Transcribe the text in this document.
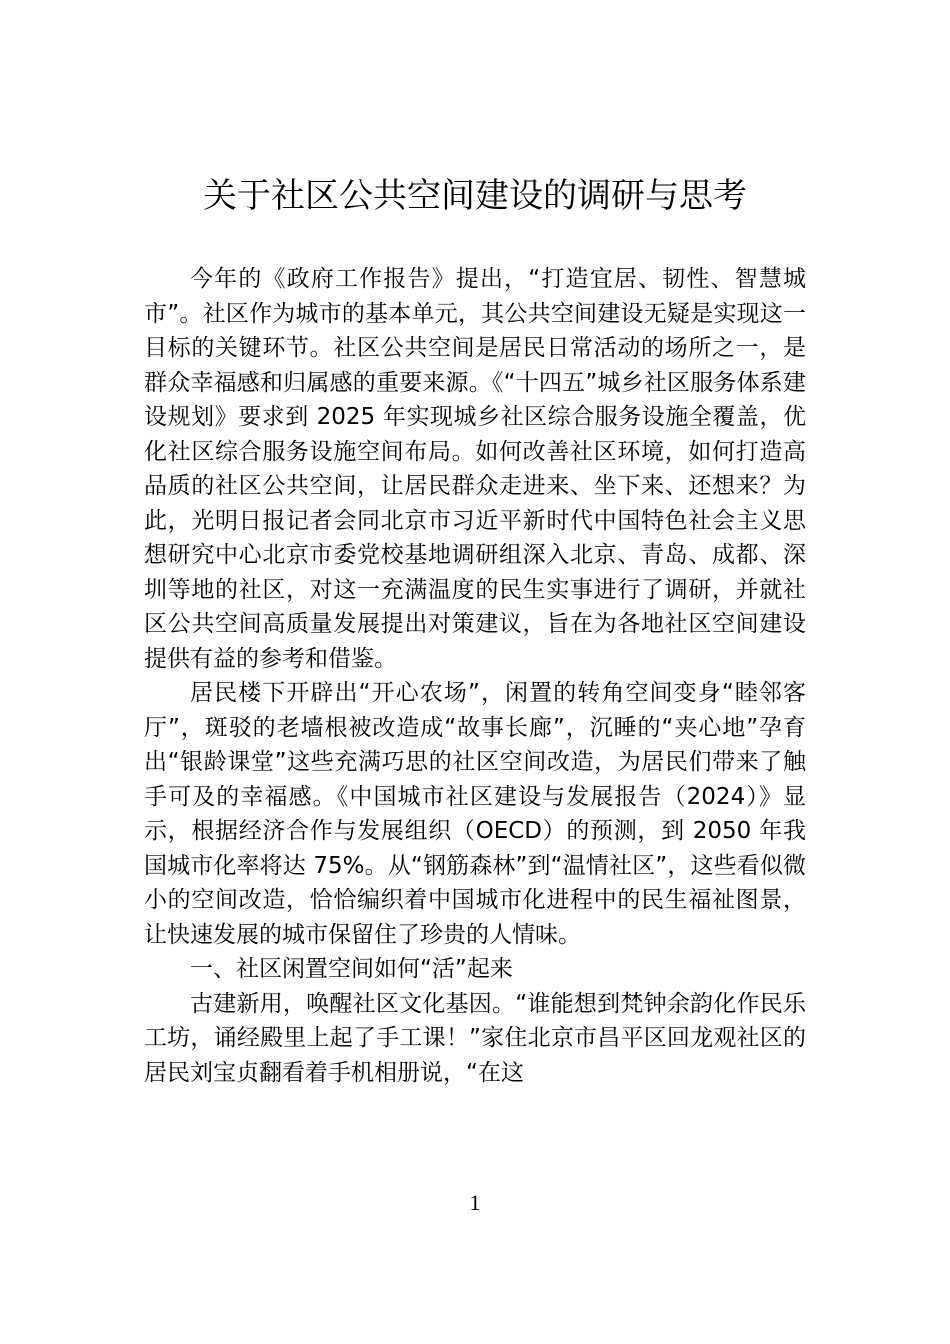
关于社区公共空间建设的调研与思考

今年的《政府工作报告》提出，“打造宜居、韧性、智慧城市”。社区作为城市的基本单元，其公共空间建设无疑是实现这一目标的关键环节。社区公共空间是居民日常活动的场所之一，是群众幸福感和归属感的重要来源。《“十四五”城乡社区服务体系建设规划》要求到 2025 年实现城乡社区综合服务设施全覆盖，优化社区综合服务设施空间布局。如何改善社区环境，如何打造高品质的社区公共空间，让居民群众走进来、坐下来、还想来？为此，光明日报记者会同北京市习近平新时代中国特色社会主义思想研究中心北京市委党校基地调研组深入北京、青岛、成都、深圳等地的社区，对这一充满温度的民生实事进行了调研，并就社区公共空间高质量发展提出对策建议，旨在为各地社区空间建设提供有益的参考和借鉴。

居民楼下开辟出“开心农场”，闲置的转角空间变身“睦邻客厅”，斑驳的老墙根被改造成“故事长廊”，沉睡的“夹心地”孕育出“银龄课堂”这些充满巧思的社区空间改造，为居民们带来了触手可及的幸福感。《中国城市社区建设与发展报告（2024）》显示，根据经济合作与发展组织（OECD）的预测，到 2050 年我国城市化率将达 75%。从“钢筋森林”到“温情社区”，这些看似微小的空间改造，恰恰编织着中国城市化进程中的民生福祉图景，让快速发展的城市保留住了珍贵的人情味。

一、社区闲置空间如何“活”起来

古建新用，唤醒社区文化基因。“谁能想到梵钟余韵化作民乐工坊，诵经殿里上起了手工课！”家住北京市昌平区回龙观社区的居民刘宝贞翻看着手机相册说，“在这

1
